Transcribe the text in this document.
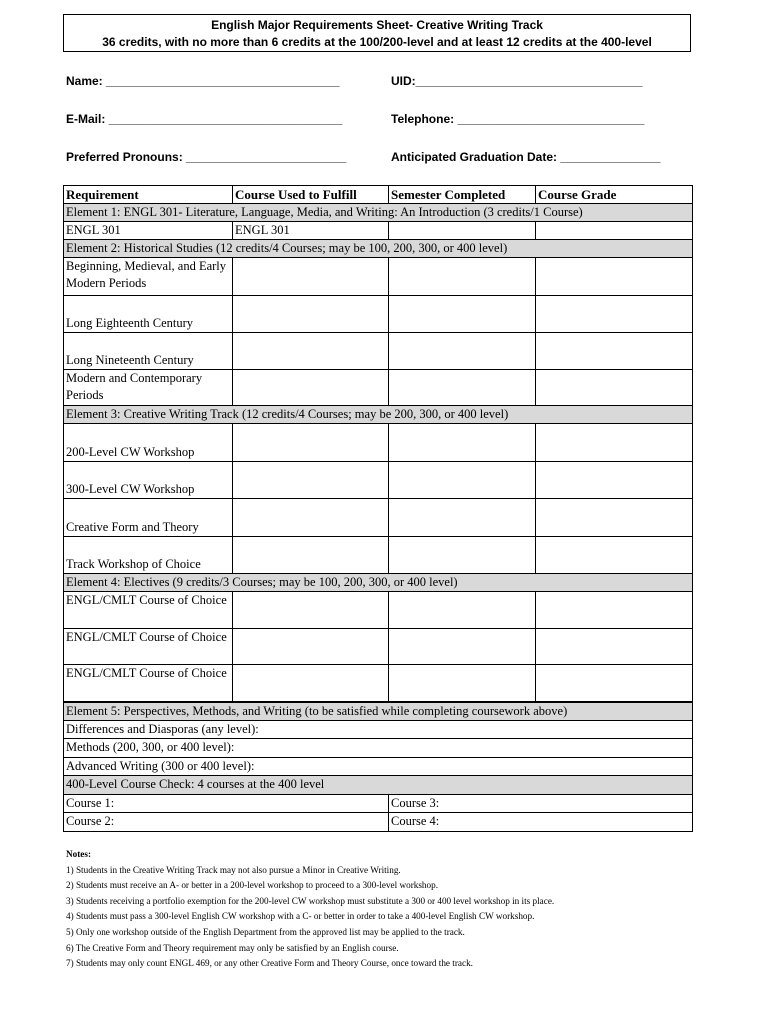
English Major Requirements Sheet- Creative Writing Track
36 credits, with no more than 6 credits at the 100/200-level and at least 12 credits at the 400-level
Name: ___________________________________	UID:__________________________________
E-Mail: ___________________________________	Telephone: ____________________________
Preferred Pronouns: ________________________	Anticipated Graduation Date: _______________
Requirement	Course Used to Fulfill	Semester Completed	Course Grade
Element 1: ENGL 301- Literature, Language, Media, and Writing: An Introduction (3 credits/1 Course)			
ENGL 301	ENGL 301		
Element 2: Historical Studies (12 credits/4 Courses; may be 100, 200, 300, or 400 level)			
Beginning, Medieval, and Early Modern Periods			
Long Eighteenth Century			
Long Nineteenth Century			
Modern and Contemporary Periods			
Element 3: Creative Writing Track (12 credits/4 Courses; may be 200, 300, or 400 level)			
200-Level CW Workshop			
300-Level CW Workshop			
Creative Form and Theory			
Track Workshop of Choice			
Element 4: Electives (9 credits/3 Courses; may be 100, 200, 300, or 400 level)			
ENGL/CMLT Course of Choice			
ENGL/CMLT Course of Choice			
ENGL/CMLT Course of Choice			
Element 5: Perspectives, Methods, and Writing (to be satisfied while completing coursework above)			
Differences and Diasporas (any level):			
Methods (200, 300, or 400 level):			
Advanced Writing (300 or 400 level):			
400-Level Course Check: 4 courses at the 400 level			
Course 1:		Course 3:	
Course 2:		Course 4:	
Notes:
1) Students in the Creative Writing Track may not also pursue a Minor in Creative Writing.
2) Students must receive an A- or better in a 200-level workshop to proceed to a 300-level workshop.
3) Students receiving a portfolio exemption for the 200-level CW workshop must substitute a 300 or 400 level workshop in its place.
4) Students must pass a 300-level English CW workshop with a C- or better in order to take a 400-level English CW workshop.
5) Only one workshop outside of the English Department from the approved list may be applied to the track.
6) The Creative Form and Theory requirement may only be satisfied by an English course.
7) Students may only count ENGL 469, or any other Creative Form and Theory Course, once toward the track.
